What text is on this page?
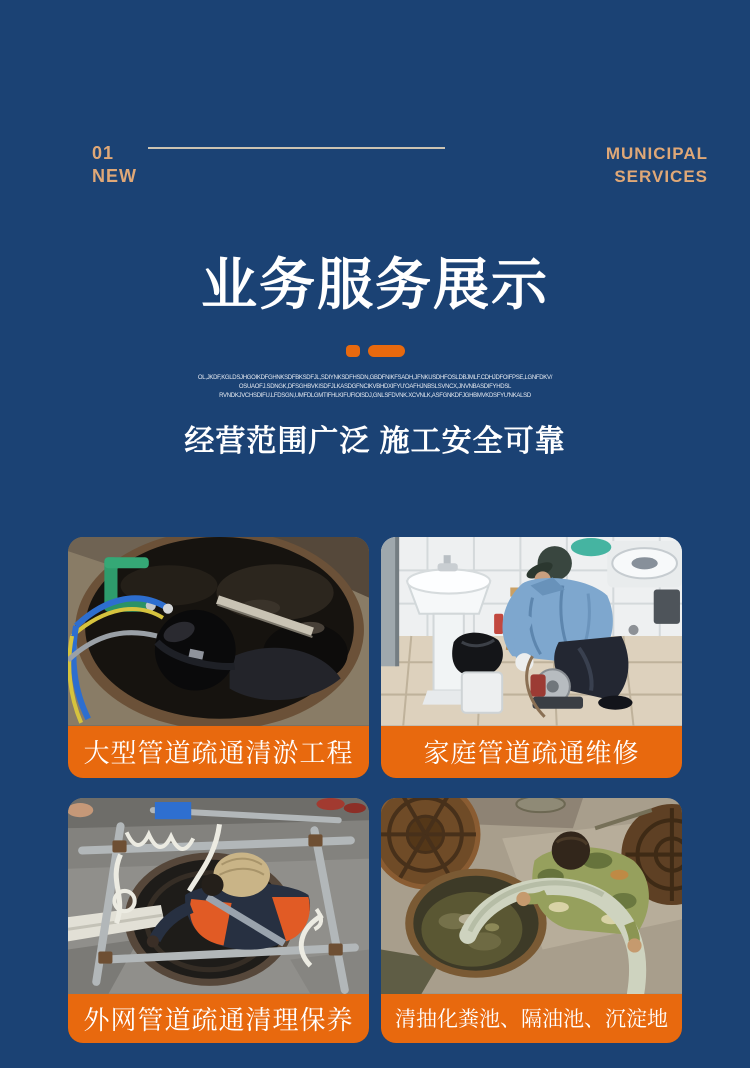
01
NEW
MUNICIPAL
SERVICES
业务服务展示
OL,JKDF,KGLDSJHGOIKDFGHNKSDFBKSDFJL,SDIYNKSDFHSDN,GBDFNIKFSADH,JFNKUSDHFOSLDBJMLF.CDHJDFOIFPSE,LGNFDKV/
OSUAOFJ.SDNGK,DFSGHBVKISDFJLKASDGFNCIKVBHDXIFYU'OAFHJNBSLSVNCX,JNVNBASDIFYHDSL
RVNDKJVCHSDIFU.LFDSGN,UMFDLGMTIFHLKIFUFIOISDJ,GNLSFDVNK.XCVNLK,ASFGNKDFJGHBMVKDSFYU'NKALSD
经营范围广泛 施工安全可靠
大型管道疏通清淤工程	家庭管道疏通维修
外网管道疏通清理保养	清抽化粪池、隔油池、沉淀地
